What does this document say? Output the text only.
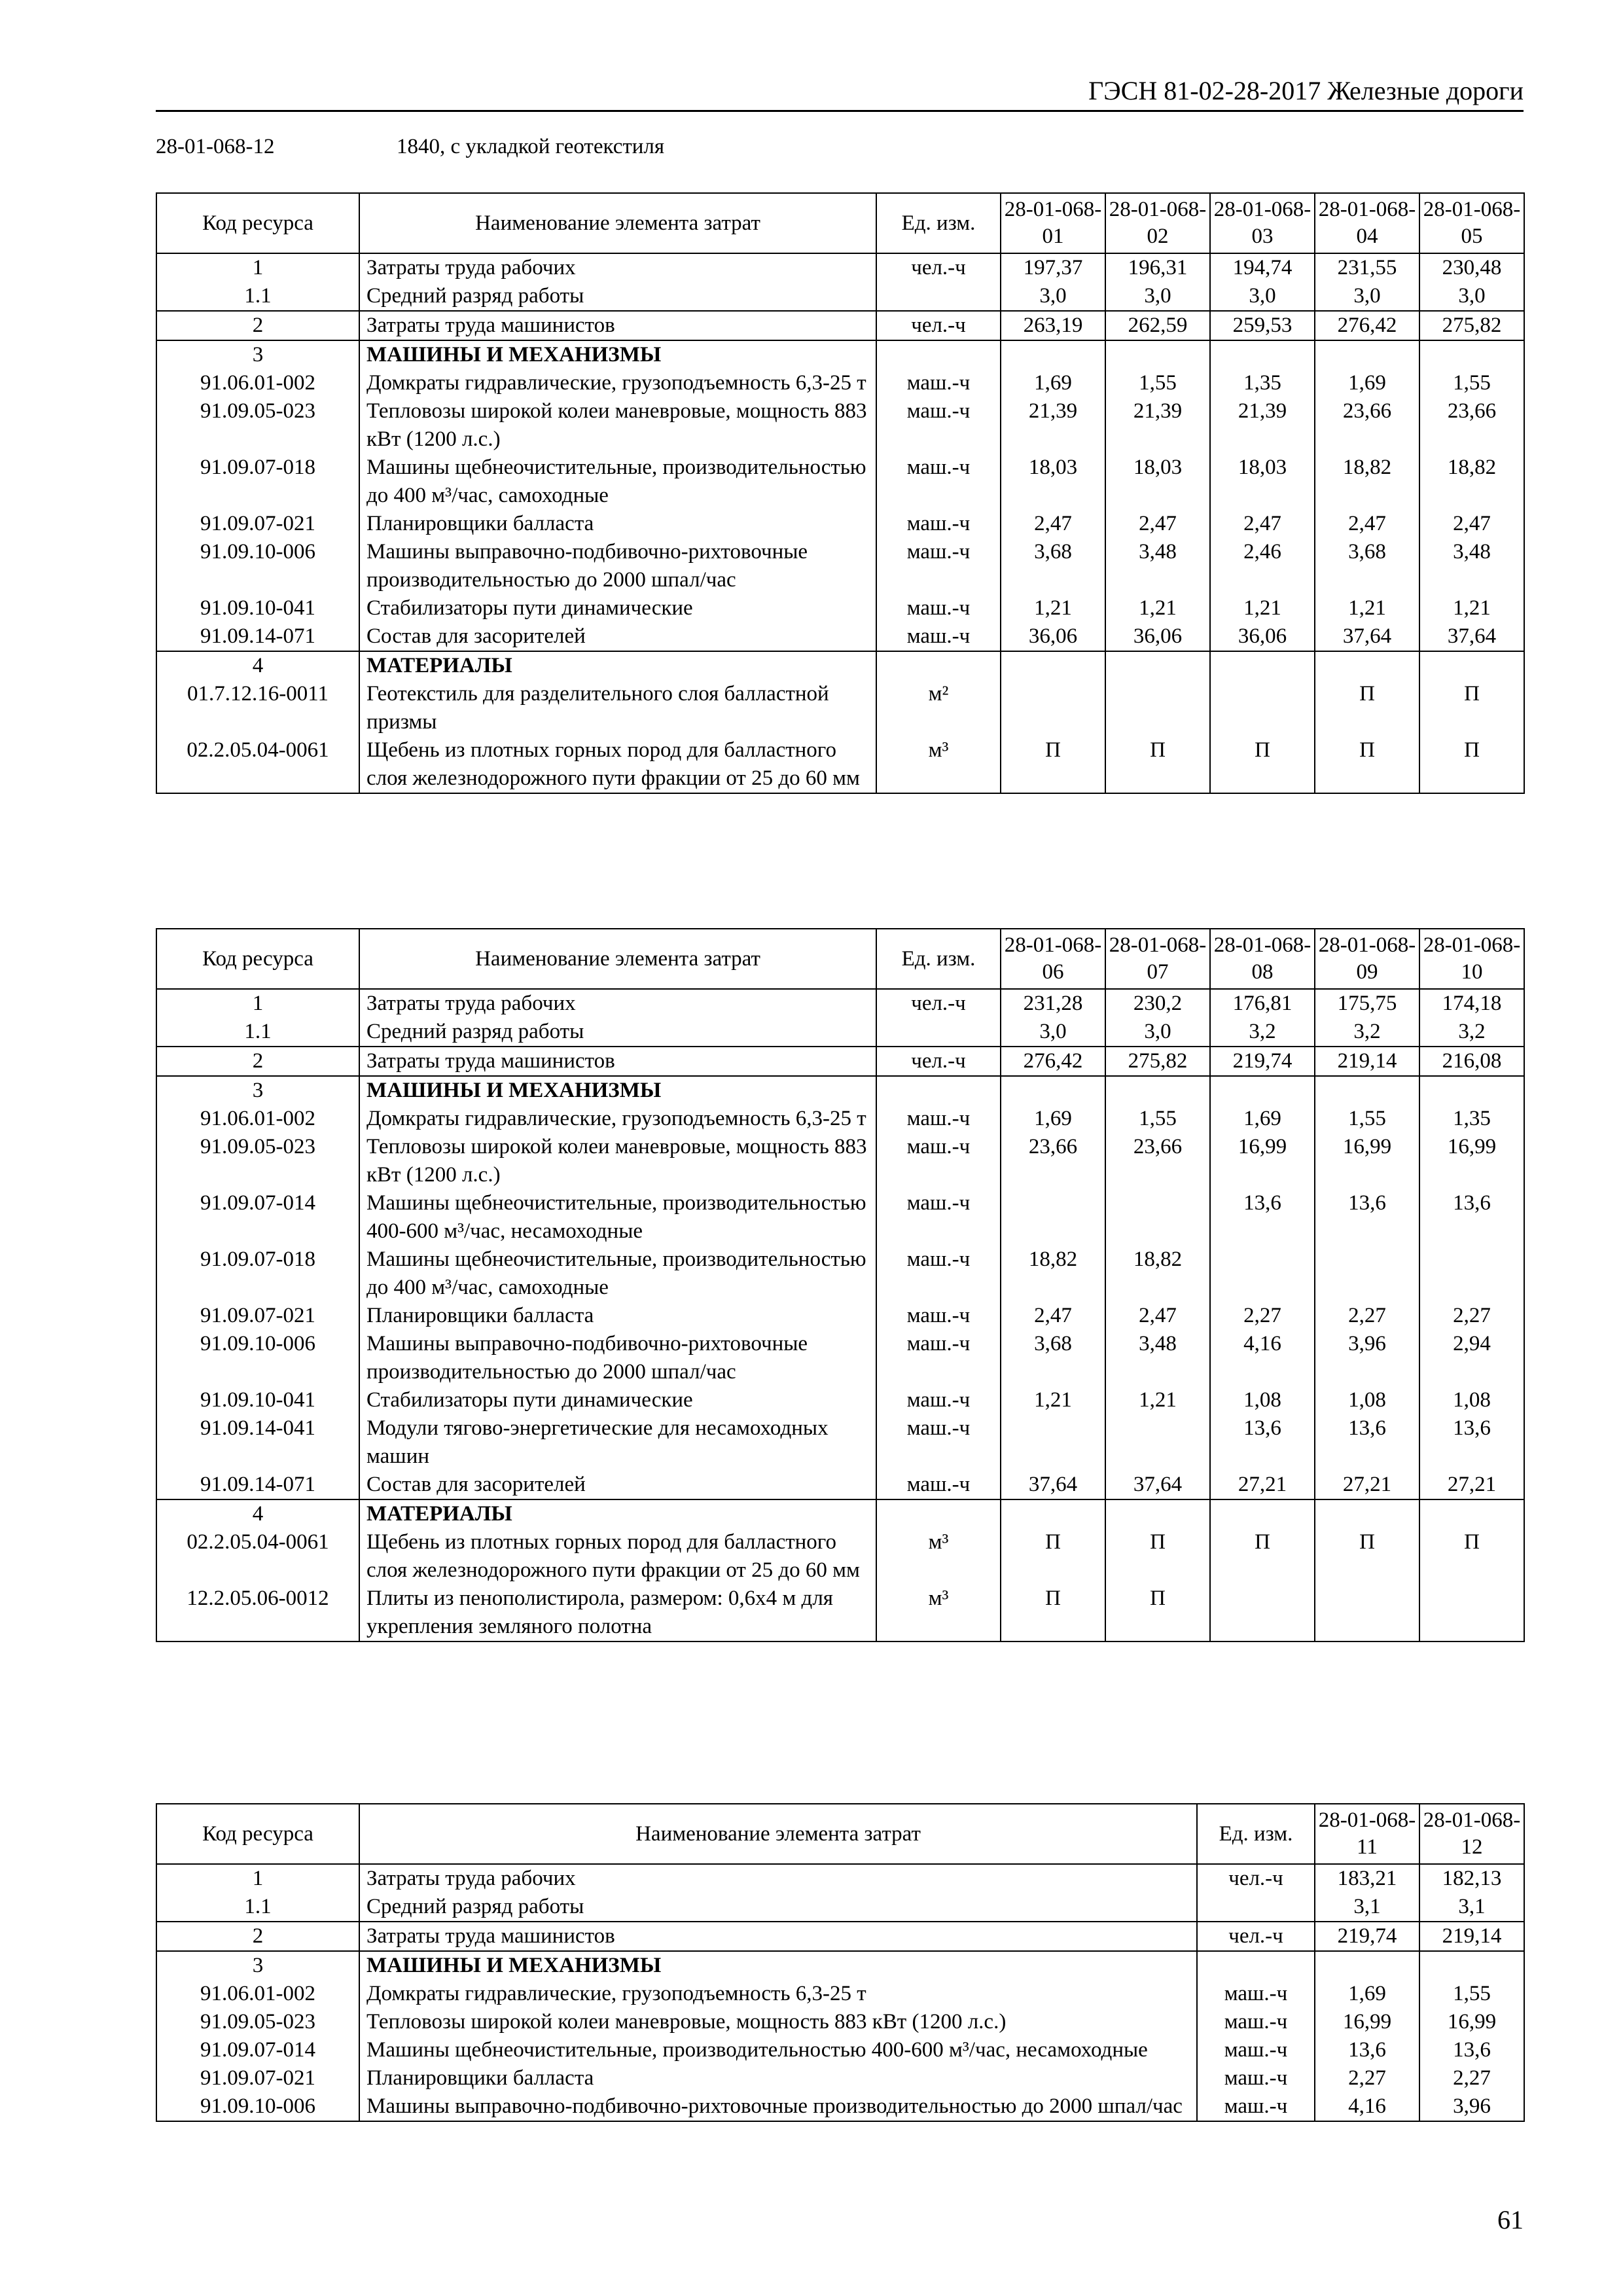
ГЭСН 81-02-28-2017 Железные дороги
28-01-068-12	1840, с укладкой геотекстиля
Код ресурса	Наименование элемента затрат	Ед. изм.	28-01-068-01	28-01-068-02	28-01-068-03	28-01-068-04	28-01-068-05
1	Затраты труда рабочих	чел.-ч	197,37	196,31	194,74	231,55	230,48
1.1	Средний разряд работы		3,0	3,0	3,0	3,0	3,0
2	Затраты труда машинистов	чел.-ч	263,19	262,59	259,53	276,42	275,82
3	МАШИНЫ И МЕХАНИЗМЫ						
91.06.01-002	Домкраты гидравлические, грузоподъемность 6,3-25 т	маш.-ч	1,69	1,55	1,35	1,69	1,55
91.09.05-023	Тепловозы широкой колеи маневровые, мощность 883 кВт (1200 л.с.)	маш.-ч	21,39	21,39	21,39	23,66	23,66
91.09.07-018	Машины щебнеочистительные, производительностью до 400 м³/час, самоходные	маш.-ч	18,03	18,03	18,03	18,82	18,82
91.09.07-021	Планировщики балласта	маш.-ч	2,47	2,47	2,47	2,47	2,47
91.09.10-006	Машины выправочно-подбивочно-рихтовочные производительностью до 2000 шпал/час	маш.-ч	3,68	3,48	2,46	3,68	3,48
91.09.10-041	Стабилизаторы пути динамические	маш.-ч	1,21	1,21	1,21	1,21	1,21
91.09.14-071	Состав для засорителей	маш.-ч	36,06	36,06	36,06	37,64	37,64
4	МАТЕРИАЛЫ						
01.7.12.16-0011	Геотекстиль для разделительного слоя балластной призмы	м²				П	П
02.2.05.04-0061	Щебень из плотных горных пород для балластного слоя железнодорожного пути фракции от 25 до 60 мм	м³	П	П	П	П	П
Код ресурса	Наименование элемента затрат	Ед. изм.	28-01-068-06	28-01-068-07	28-01-068-08	28-01-068-09	28-01-068-10
1	Затраты труда рабочих	чел.-ч	231,28	230,2	176,81	175,75	174,18
1.1	Средний разряд работы		3,0	3,0	3,2	3,2	3,2
2	Затраты труда машинистов	чел.-ч	276,42	275,82	219,74	219,14	216,08
3	МАШИНЫ И МЕХАНИЗМЫ						
91.06.01-002	Домкраты гидравлические, грузоподъемность 6,3-25 т	маш.-ч	1,69	1,55	1,69	1,55	1,35
91.09.05-023	Тепловозы широкой колеи маневровые, мощность 883 кВт (1200 л.с.)	маш.-ч	23,66	23,66	16,99	16,99	16,99
91.09.07-014	Машины щебнеочистительные, производительностью 400-600 м³/час, несамоходные	маш.-ч			13,6	13,6	13,6
91.09.07-018	Машины щебнеочистительные, производительностью до 400 м³/час, самоходные	маш.-ч	18,82	18,82			
91.09.07-021	Планировщики балласта	маш.-ч	2,47	2,47	2,27	2,27	2,27
91.09.10-006	Машины выправочно-подбивочно-рихтовочные производительностью до 2000 шпал/час	маш.-ч	3,68	3,48	4,16	3,96	2,94
91.09.10-041	Стабилизаторы пути динамические	маш.-ч	1,21	1,21	1,08	1,08	1,08
91.09.14-041	Модули тягово-энергетические для несамоходных машин	маш.-ч			13,6	13,6	13,6
91.09.14-071	Состав для засорителей	маш.-ч	37,64	37,64	27,21	27,21	27,21
4	МАТЕРИАЛЫ						
02.2.05.04-0061	Щебень из плотных горных пород для балластного слоя железнодорожного пути фракции от 25 до 60 мм	м³	П	П	П	П	П
12.2.05.06-0012	Плиты из пенополистирола, размером: 0,6х4 м для укрепления земляного полотна	м³	П	П			
Код ресурса	Наименование элемента затрат	Ед. изм.	28-01-068-11	28-01-068-12
1	Затраты труда рабочих	чел.-ч	183,21	182,13
1.1	Средний разряд работы		3,1	3,1
2	Затраты труда машинистов	чел.-ч	219,74	219,14
3	МАШИНЫ И МЕХАНИЗМЫ			
91.06.01-002	Домкраты гидравлические, грузоподъемность 6,3-25 т	маш.-ч	1,69	1,55
91.09.05-023	Тепловозы широкой колеи маневровые, мощность 883 кВт (1200 л.с.)	маш.-ч	16,99	16,99
91.09.07-014	Машины щебнеочистительные, производительностью 400-600 м³/час, несамоходные	маш.-ч	13,6	13,6
91.09.07-021	Планировщики балласта	маш.-ч	2,27	2,27
91.09.10-006	Машины выправочно-подбивочно-рихтовочные производительностью до 2000 шпал/час	маш.-ч	4,16	3,96
61
